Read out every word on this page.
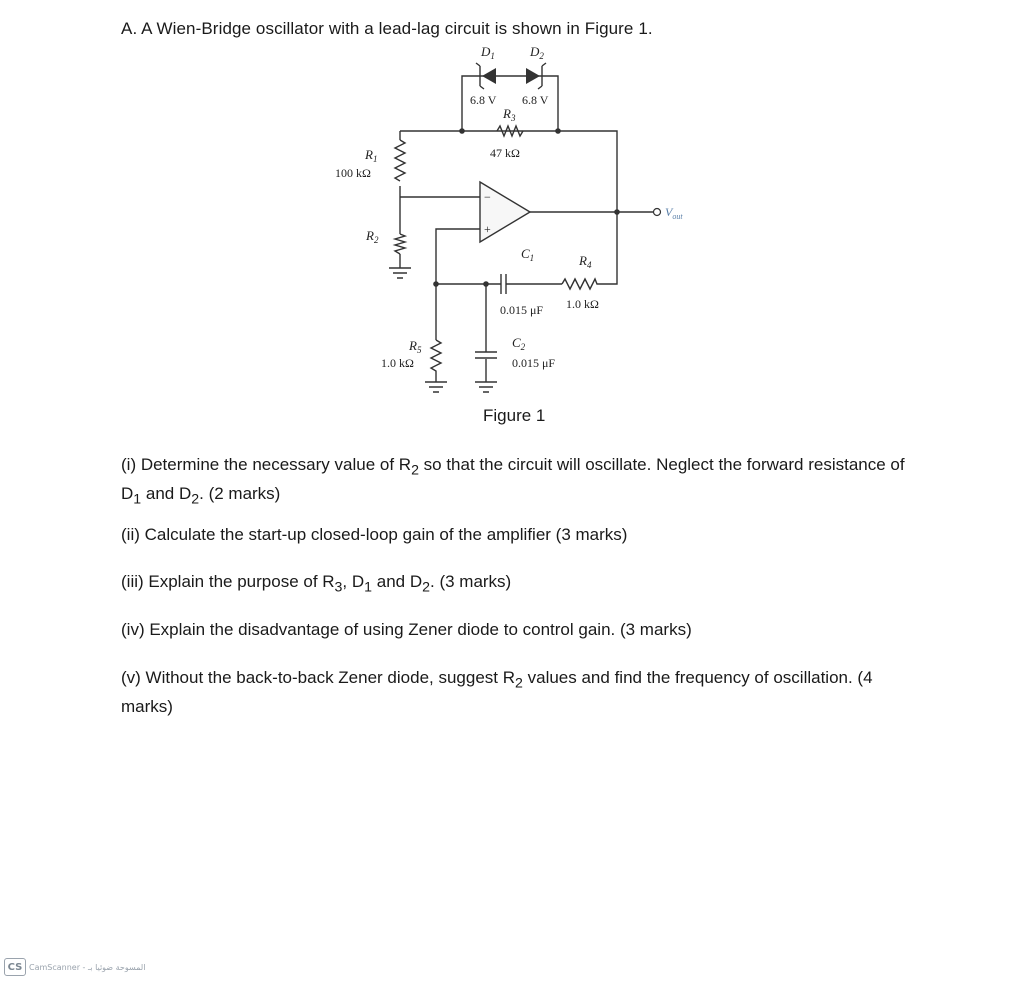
A. A Wien-Bridge oscillator with a lead-lag circuit is shown in Figure 1.
$D_1$	$D_2$
6.8 V 6.8 V
$R_3$
47 kΩ
$R_1$
100 kΩ
$R_2$
−
+
$V_{out}$
$C_1$	$R_4$
0.015 μF 1.0 kΩ
$R_5$
1.0 kΩ
$C_2$
0.015 μF
Figure 1
(i) Determine the necessary value of $R_2$ so that the circuit will oscillate. Neglect the forward resistance of $D_1$ and $D_2$. (2 marks)
(ii) Calculate the start-up closed-loop gain of the amplifier (3 marks)
(iii) Explain the purpose of $R_3$, $D_1$ and $D_2$. (3 marks)
(iv) Explain the disadvantage of using Zener diode to control gain. (3 marks)
(v) Without the back-to-back Zener diode, suggest $R_2$ values and find the frequency of oscillation. (4 marks)
CS CamScanner ‑ المسوحة ضوئيا بـ
